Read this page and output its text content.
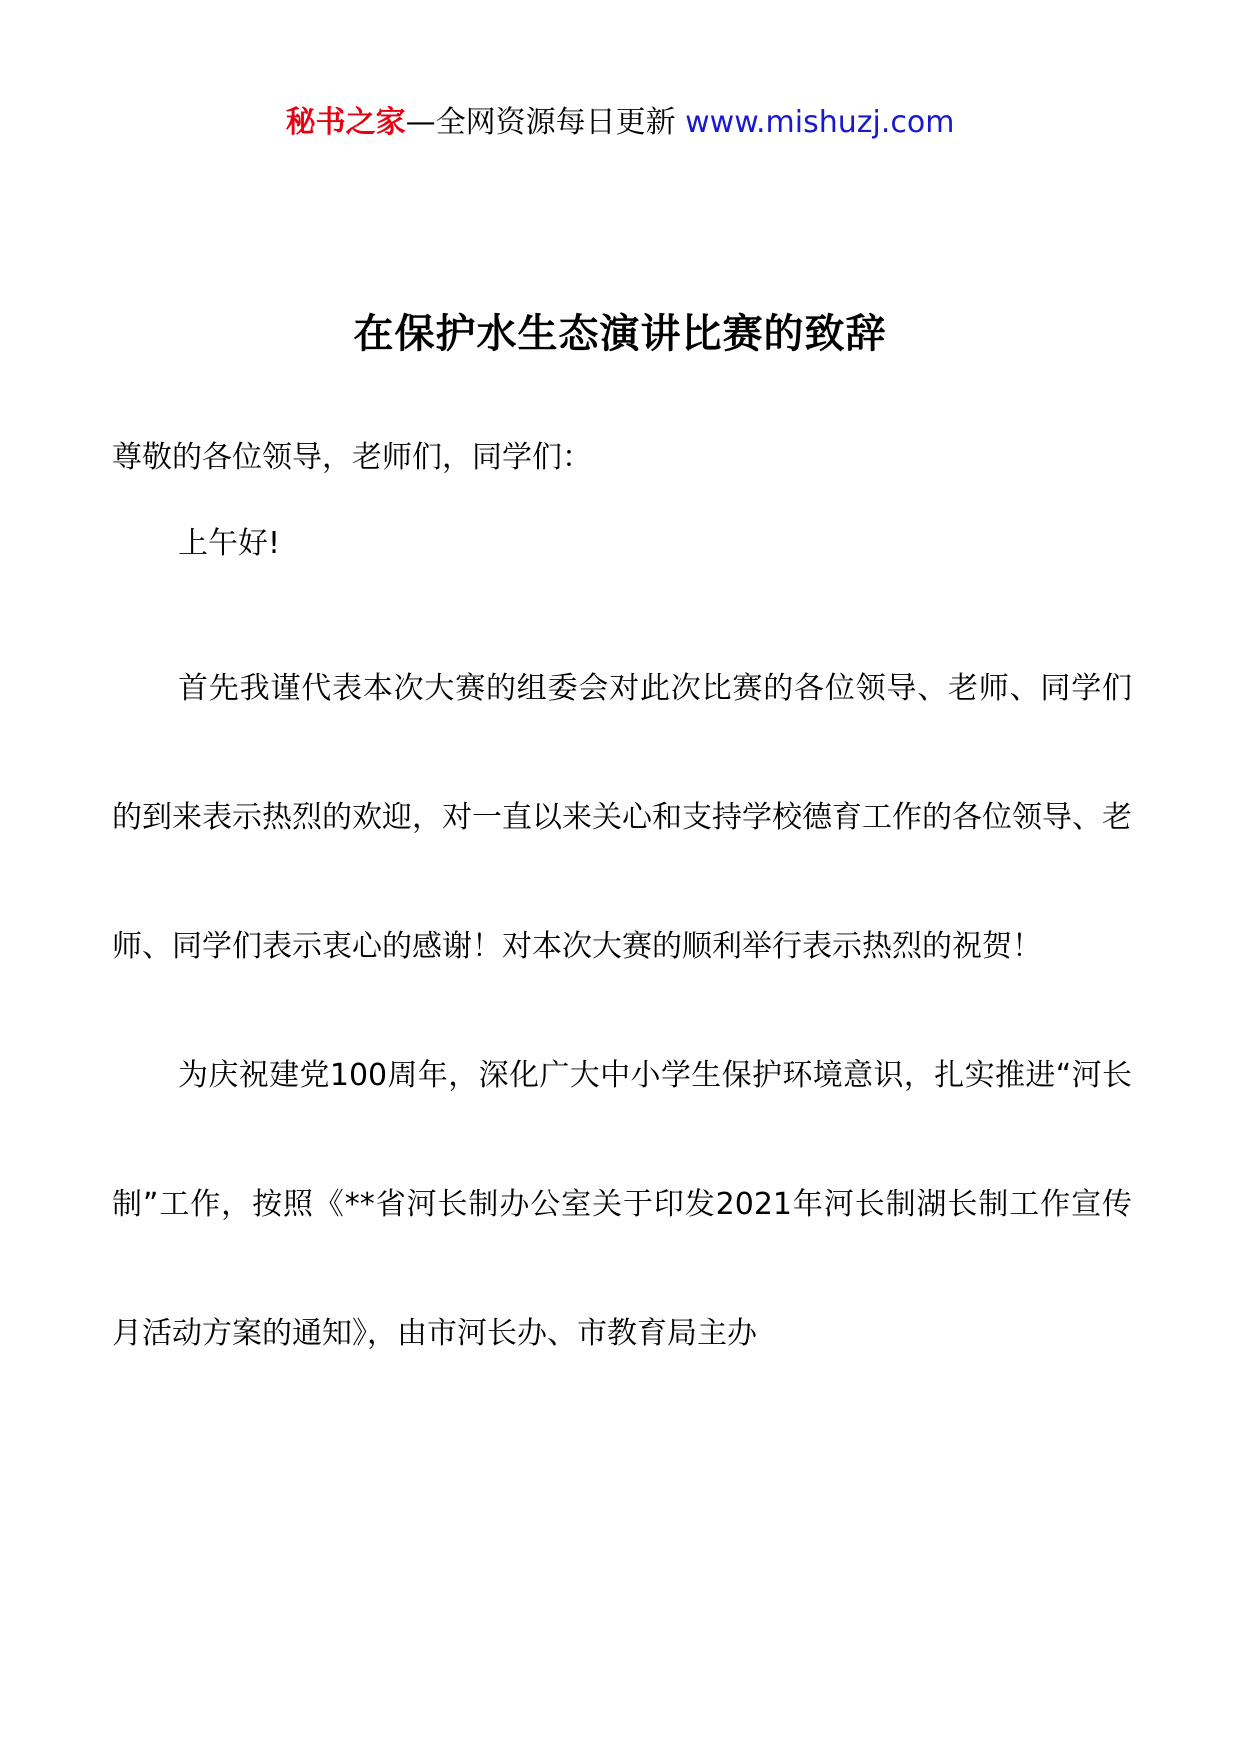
秘书之家—全网资源每日更新 www.mishuzj.com
在保护水生态演讲比赛的致辞

尊敬的各位领导，老师们，同学们：

上午好!

首先我谨代表本次大赛的组委会对此次比赛的各位领导、老师、同学们的到来表示热烈的欢迎，对一直以来关心和支持学校德育工作的各位领导、老师、同学们表示衷心的感谢！对本次大赛的顺利举行表示热烈的祝贺！

为庆祝建党100周年，深化广大中小学生保护环境意识，扎实推进“河长制”工作，按照《**省河长制办公室关于印发2021年河长制湖长制工作宣传月活动方案的通知》，由市河长办、市教育局主办
